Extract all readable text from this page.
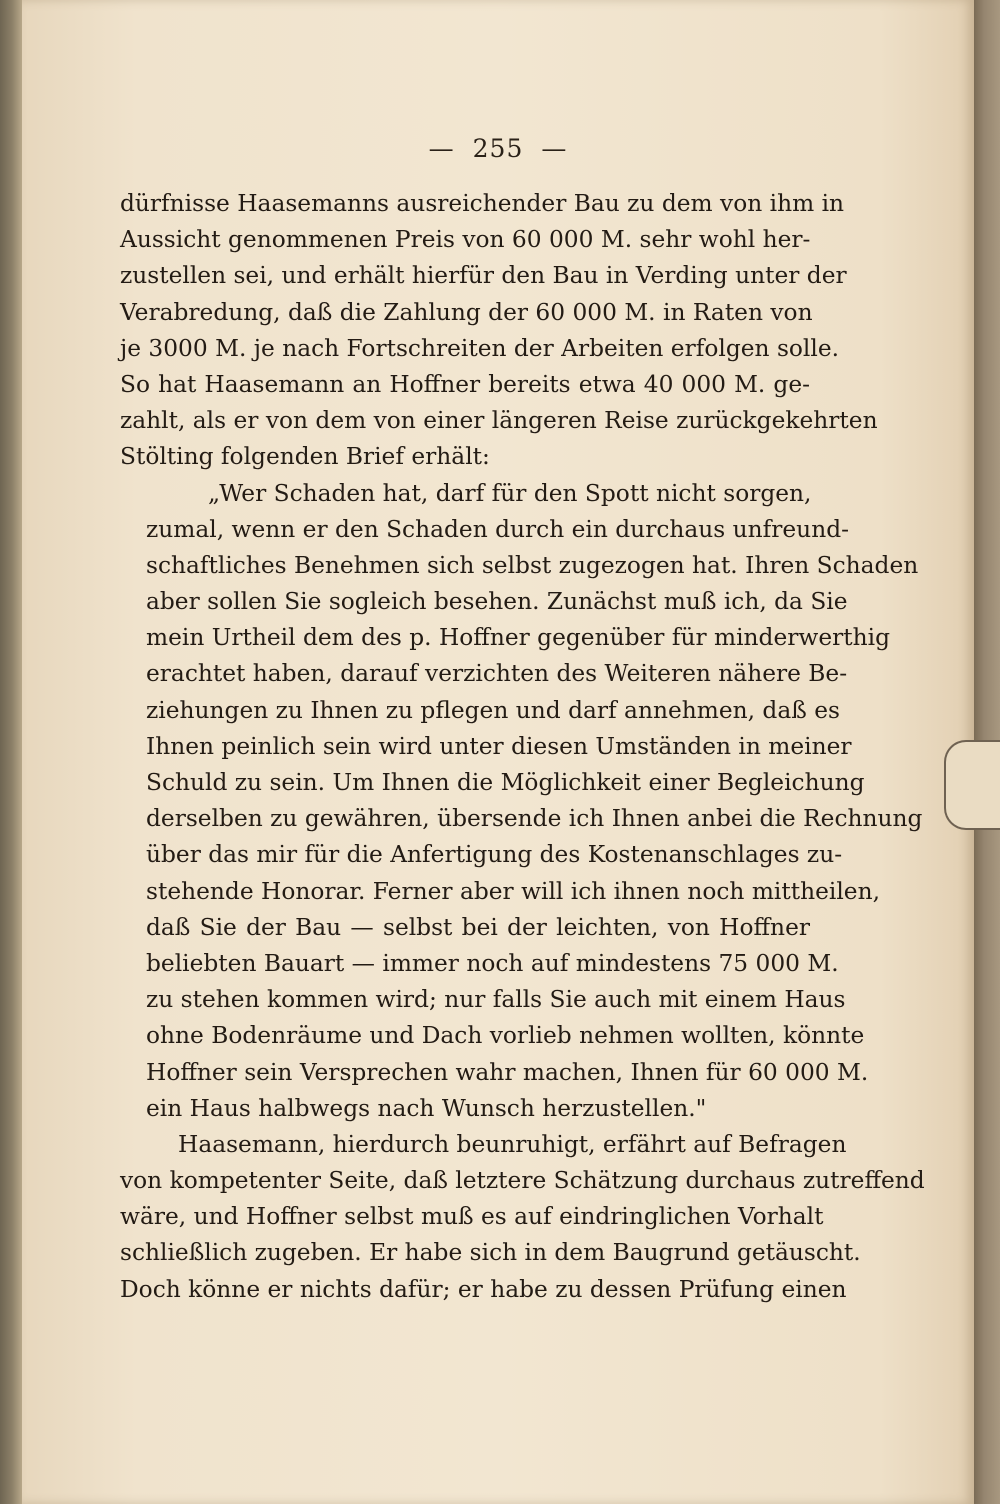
— 255 —
dürfnisse Haasemanns ausreichender Bau zu dem von ihm in
Aussicht genommenen Preis von 60 000 M. sehr wohl her-
zustellen sei, und erhält hierfür den Bau in Verding unter der
Verabredung, daß die Zahlung der 60 000 M. in Raten von
je 3000 M. je nach Fortschreiten der Arbeiten erfolgen solle.
So hat Haasemann an Hoffner bereits etwa 40 000 M. ge-
zahlt, als er von dem von einer längeren Reise zurückgekehrten
Stölting folgenden Brief erhält:
„Wer Schaden hat, darf für den Spott nicht sorgen,
zumal, wenn er den Schaden durch ein durchaus unfreund-
schaftliches Benehmen sich selbst zugezogen hat. Ihren Schaden
aber sollen Sie sogleich besehen. Zunächst muß ich, da Sie
mein Urtheil dem des p. Hoffner gegenüber für minderwerthig
erachtet haben, darauf verzichten des Weiteren nähere Be-
ziehungen zu Ihnen zu pflegen und darf annehmen, daß es
Ihnen peinlich sein wird unter diesen Umständen in meiner
Schuld zu sein. Um Ihnen die Möglichkeit einer Begleichung
derselben zu gewähren, übersende ich Ihnen anbei die Rechnung
über das mir für die Anfertigung des Kostenanschlages zu-
stehende Honorar. Ferner aber will ich ihnen noch mittheilen,
daß Sie der Bau — selbst bei der leichten, von Hoffner
beliebten Bauart — immer noch auf mindestens 75 000 M.
zu stehen kommen wird; nur falls Sie auch mit einem Haus
ohne Bodenräume und Dach vorlieb nehmen wollten, könnte
Hoffner sein Versprechen wahr machen, Ihnen für 60 000 M.
ein Haus halbwegs nach Wunsch herzustellen."
Haasemann, hierdurch beunruhigt, erfährt auf Befragen
von kompetenter Seite, daß letztere Schätzung durchaus zutreffend
wäre, und Hoffner selbst muß es auf eindringlichen Vorhalt
schließlich zugeben. Er habe sich in dem Baugrund getäuscht.
Doch könne er nichts dafür; er habe zu dessen Prüfung einen
